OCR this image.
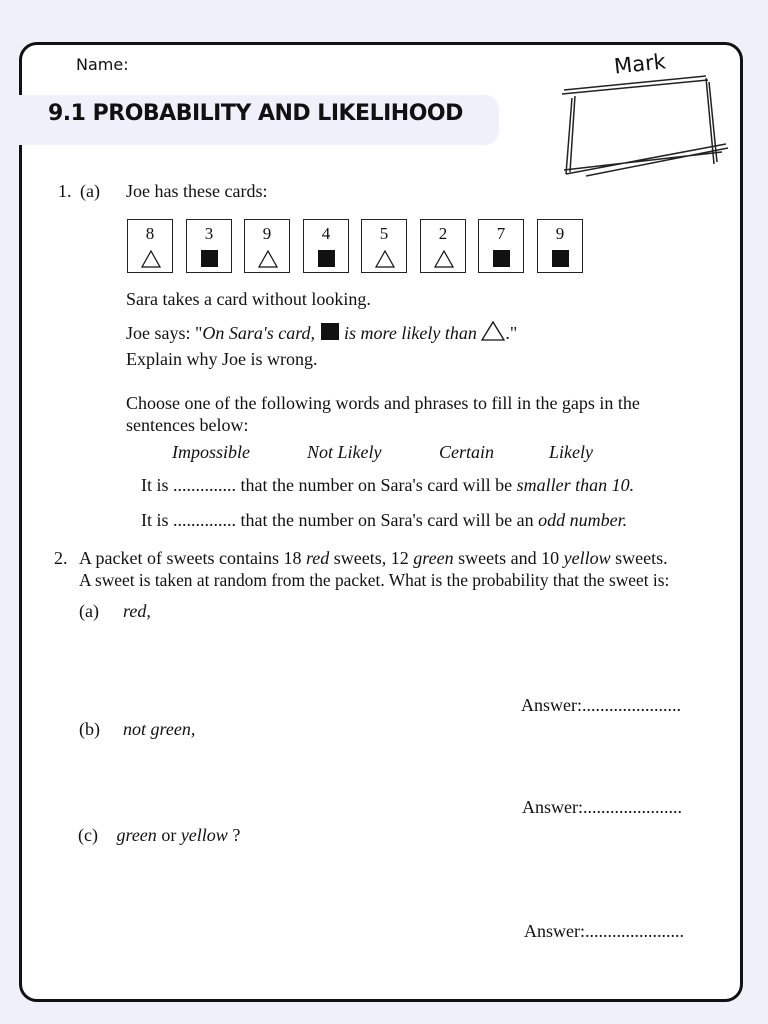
Name:
9.1 PROBABILITY AND LIKELIHOOD
Mark
1. (a) Joe has these cards:
8	3	9	4	5	2	7	9
Sara takes a card without looking.
Joe says: "On Sara's card, is more likely than ."
Explain why Joe is wrong.
Choose one of the following words and phrases to fill in the gaps in the
sentences below:
Impossible	Not Likely	Certain	Likely
It is .............. that the number on Sara's card will be smaller than 10.
It is .............. that the number on Sara's card will be an odd number.
2. A packet of sweets contains 18 red sweets, 12 green sweets and 10 yellow sweets.
A sweet is taken at random from the packet. What is the probability that the sweet is:
(a) red,
Answer:......................
(b) not green,
Answer:......................
(c) green or yellow ?
Answer:......................
